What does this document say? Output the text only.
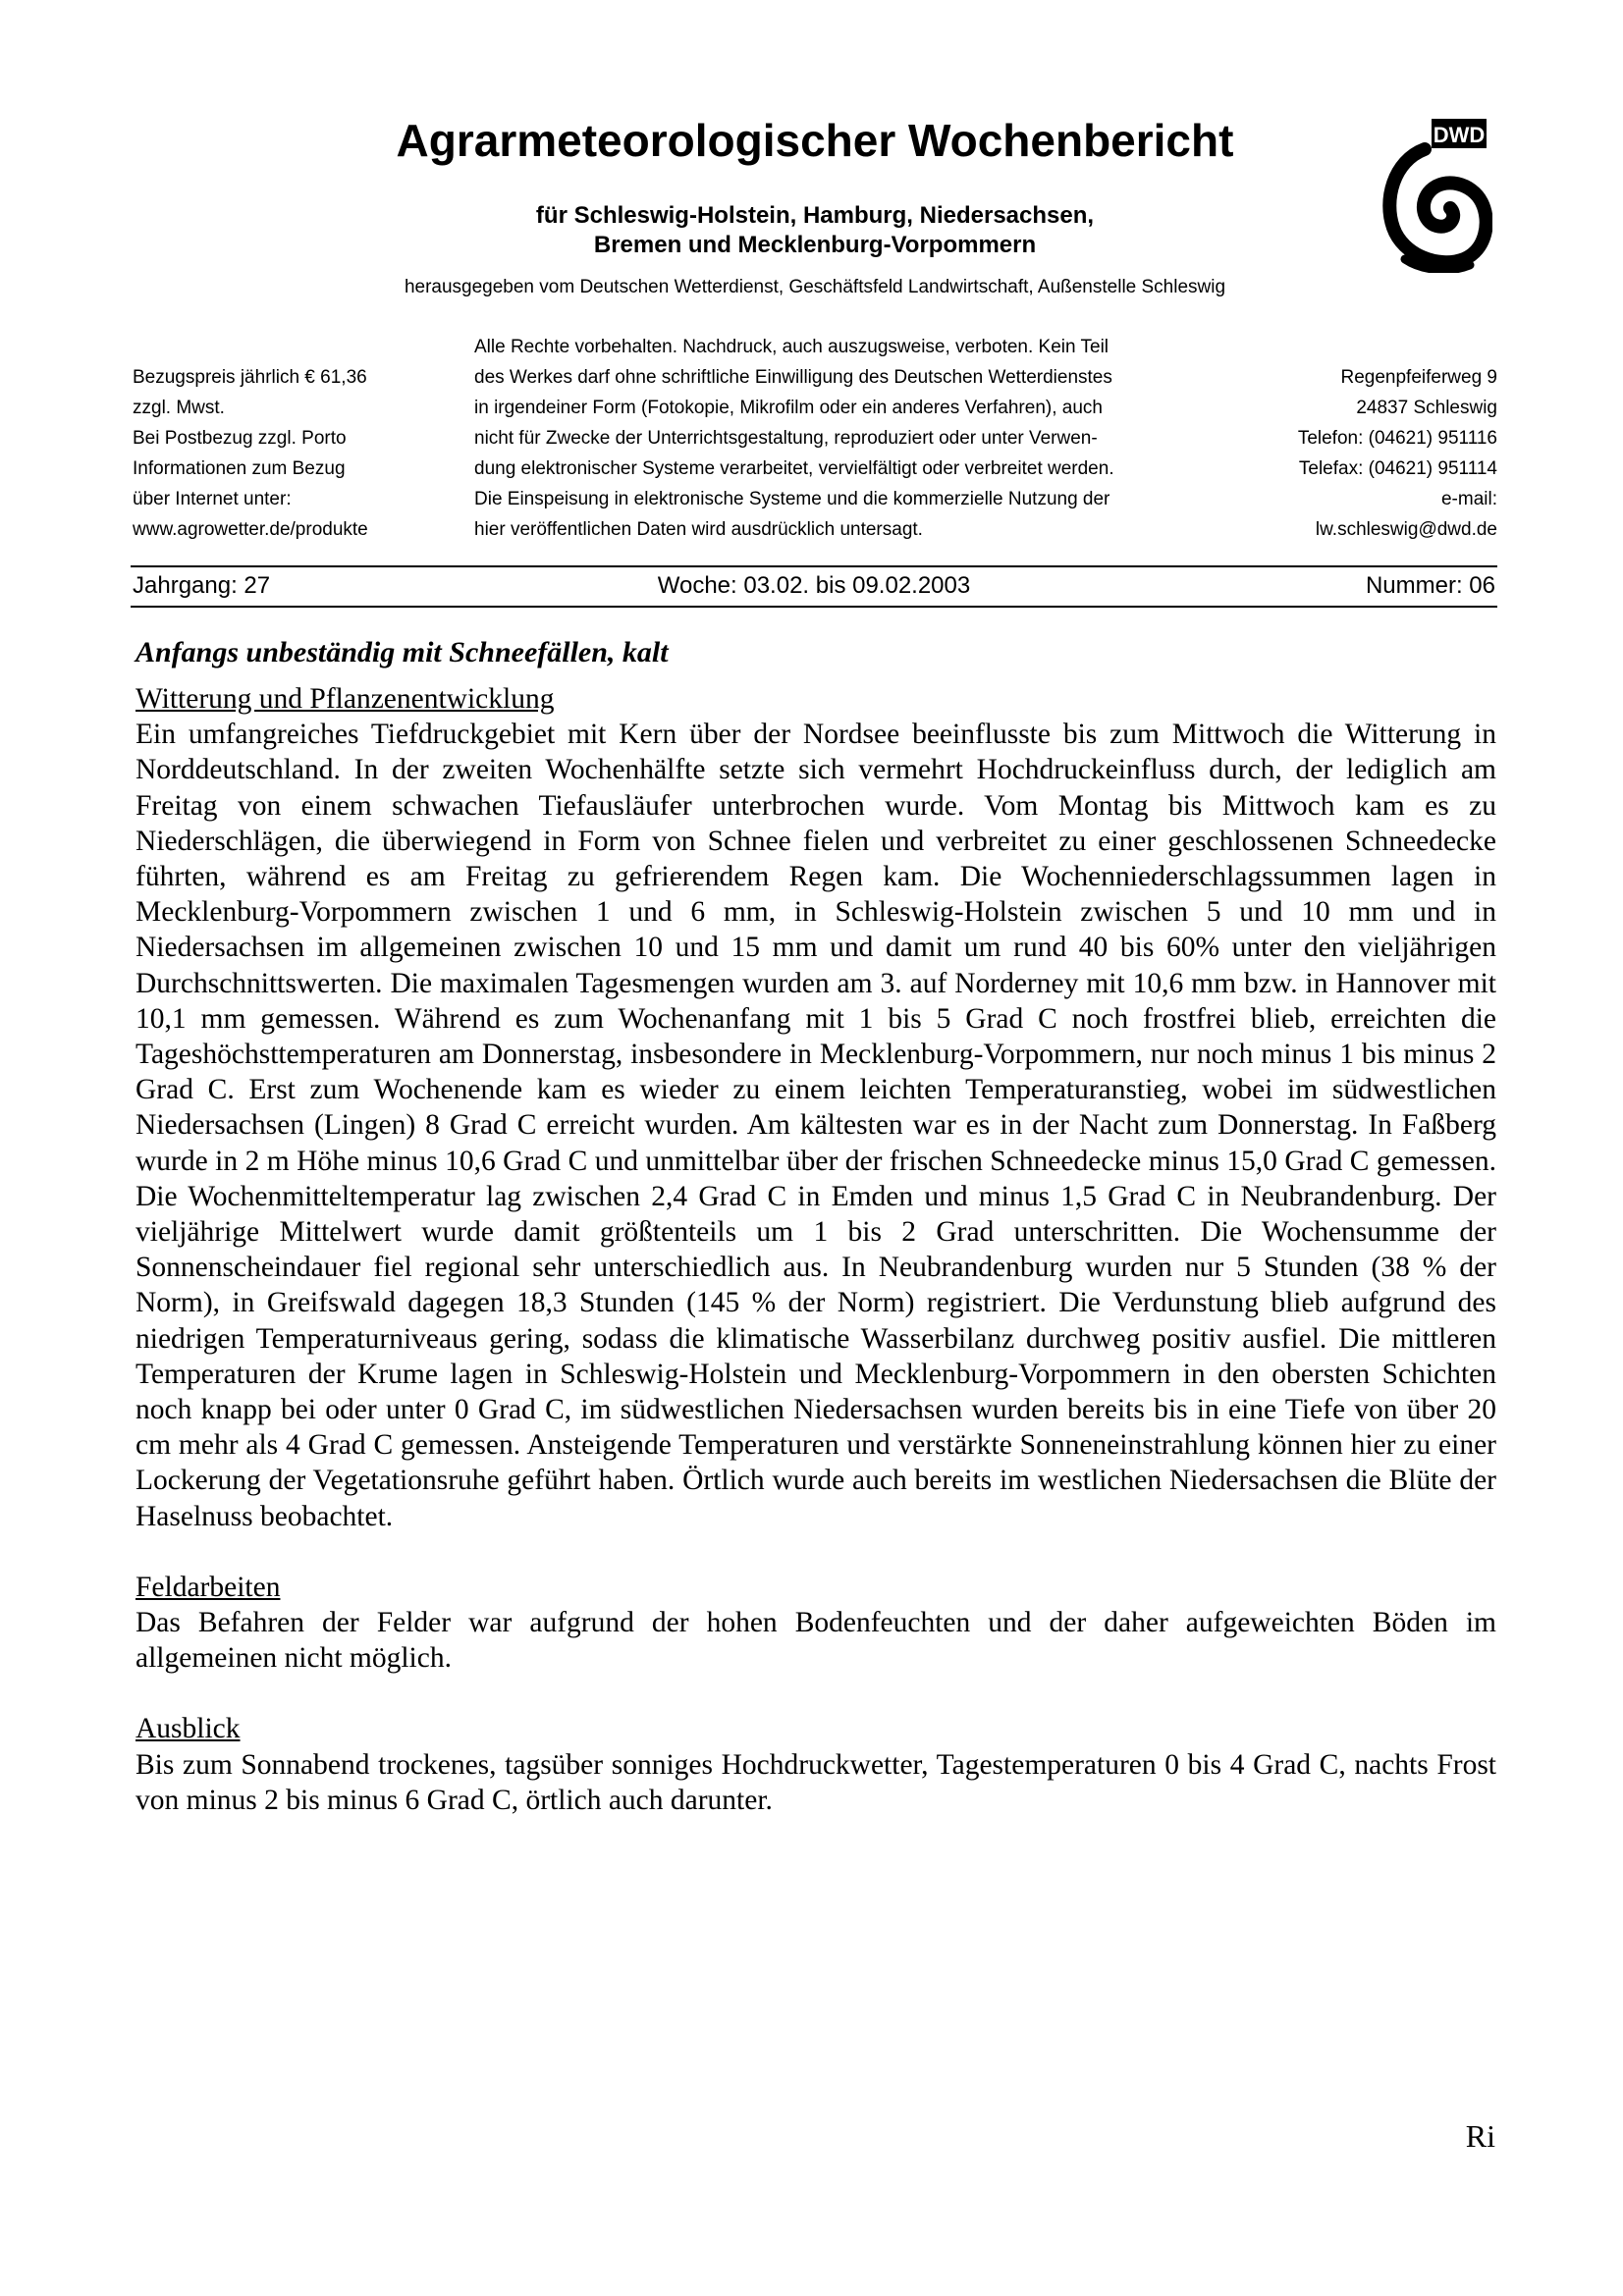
Agrarmeteorologischer Wochenbericht
für Schleswig-Holstein, Hamburg, Niedersachsen,
Bremen und Mecklenburg-Vorpommern
herausgegeben vom Deutschen Wetterdienst, Geschäftsfeld Landwirtschaft, Außenstelle Schleswig
DWD
Bezugspreis jährlich € 61,36
zzgl. Mwst.
Bei Postbezug zzgl. Porto
Informationen zum Bezug
über Internet unter:
www.agrowetter.de/produkte
Alle Rechte vorbehalten. Nachdruck, auch auszugsweise, verboten. Kein Teil
des Werkes darf ohne schriftliche Einwilligung des Deutschen Wetterdienstes
in irgendeiner Form (Fotokopie, Mikrofilm oder ein anderes Verfahren), auch
nicht für Zwecke der Unterrichtsgestaltung, reproduziert oder unter Verwen-
dung elektronischer Systeme verarbeitet, vervielfältigt oder verbreitet werden.
Die Einspeisung in elektronische Systeme und die kommerzielle Nutzung der
hier veröffentlichen Daten wird ausdrücklich untersagt.
Regenpfeiferweg 9
24837 Schleswig
Telefon: (04621) 951116
Telefax: (04621) 951114
e-mail:
lw.schleswig@dwd.de
Jahrgang: 27	Woche: 03.02. bis 09.02.2003	Nummer: 06

Anfangs unbeständig mit Schneefällen, kalt

Witterung und Pflanzenentwicklung

Ein umfangreiches Tiefdruckgebiet mit Kern über der Nordsee beeinflusste bis zum Mittwoch die Witterung in Norddeutschland. In der zweiten Wochenhälfte setzte sich vermehrt Hochdruckeinfluss durch, der lediglich am Freitag von einem schwachen Tiefausläufer unterbrochen wurde. Vom Montag bis Mittwoch kam es zu Niederschlägen, die überwiegend in Form von Schnee fielen und verbreitet zu einer geschlossenen Schneedecke führten, während es am Freitag zu gefrierendem Regen kam. Die Wochenniederschlagssummen lagen in Mecklenburg-Vorpommern zwischen 1 und 6 mm, in Schleswig-Holstein zwischen 5 und 10 mm und in Niedersachsen im allgemeinen zwischen 10 und 15 mm und damit um rund 40 bis 60% unter den vieljährigen Durchschnittswerten. Die maximalen Tagesmengen wurden am 3. auf Norderney mit 10,6 mm bzw. in Hannover mit 10,1 mm gemessen. Während es zum Wochenanfang mit 1 bis 5 Grad C noch frostfrei blieb, erreichten die Tageshöchsttemperaturen am Donnerstag, insbesondere in Mecklenburg-Vorpommern, nur noch minus 1 bis minus 2 Grad C. Erst zum Wochenende kam es wieder zu einem leichten Temperaturanstieg, wobei im südwestlichen Niedersachsen (Lingen) 8 Grad C erreicht wurden. Am kältesten war es in der Nacht zum Donnerstag. In Faßberg wurde in 2 m Höhe minus 10,6 Grad C und unmittelbar über der frischen Schneedecke minus 15,0 Grad C gemessen. Die Wochenmitteltemperatur lag zwischen 2,4 Grad C in Emden und minus 1,5 Grad C in Neubrandenburg. Der vieljährige Mittelwert wurde damit größtenteils um 1 bis 2 Grad unterschritten. Die Wochensumme der Sonnenscheindauer fiel regional sehr unterschiedlich aus. In Neubrandenburg wurden nur 5 Stunden (38 % der Norm), in Greifswald dagegen 18,3 Stunden (145 % der Norm) registriert. Die Verdunstung blieb aufgrund des niedrigen Temperaturniveaus gering, sodass die klimatische Wasserbilanz durchweg positiv ausfiel. Die mittleren Temperaturen der Krume lagen in Schleswig-Holstein und Mecklenburg-Vorpommern in den obersten Schichten noch knapp bei oder unter 0 Grad C, im südwestlichen Niedersachsen wurden bereits bis in eine Tiefe von über 20 cm mehr als 4 Grad C gemessen. Ansteigende Temperaturen und verstärkte Sonneneinstrahlung können hier zu einer Lockerung der Vegetationsruhe geführt haben. Örtlich wurde auch bereits im westlichen Niedersachsen die Blüte der Haselnuss beobachtet.

Feldarbeiten

Das Befahren der Felder war aufgrund der hohen Bodenfeuchten und der daher aufgeweichten Böden im allgemeinen nicht möglich.

Ausblick

Bis zum Sonnabend trockenes, tagsüber sonniges Hochdruckwetter, Tagestemperaturen 0 bis 4 Grad C, nachts Frost von minus 2 bis minus 6 Grad C, örtlich auch darunter.

Ri
